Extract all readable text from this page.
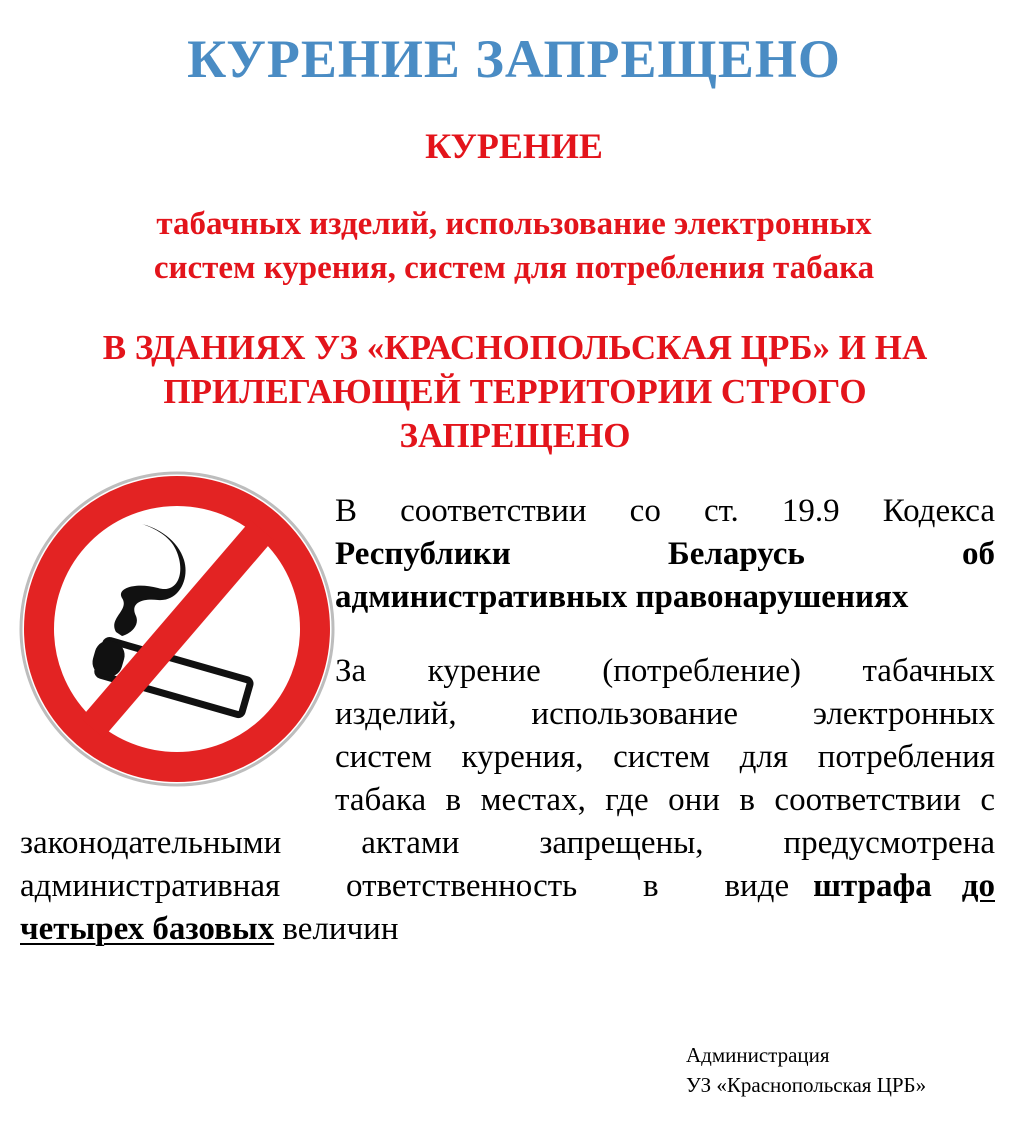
КУРЕНИЕ ЗАПРЕЩЕНО
КУРЕНИЕ
табачных изделий, использование электронных
систем курения, систем для потребления табака
В ЗДАНИЯХ УЗ «КРАСНОПОЛЬСКАЯ ЦРБ» И НА
ПРИЛЕГАЮЩЕЙ ТЕРРИТОРИИ СТРОГО
ЗАПРЕЩЕНО
В соответствии со ст. 19.9 Кодекса
Республики	Беларусь	об
административных правонарушениях
За курение (потребление) табачных
изделий, использование электронных
систем курения, систем для потребления
табака в местах, где они в соответствии с
законодательными актами запрещены, предусмотрена
административная ответственность в виде штрафа до
четырех базовых величин
Администрация
УЗ «Краснопольская ЦРБ»
